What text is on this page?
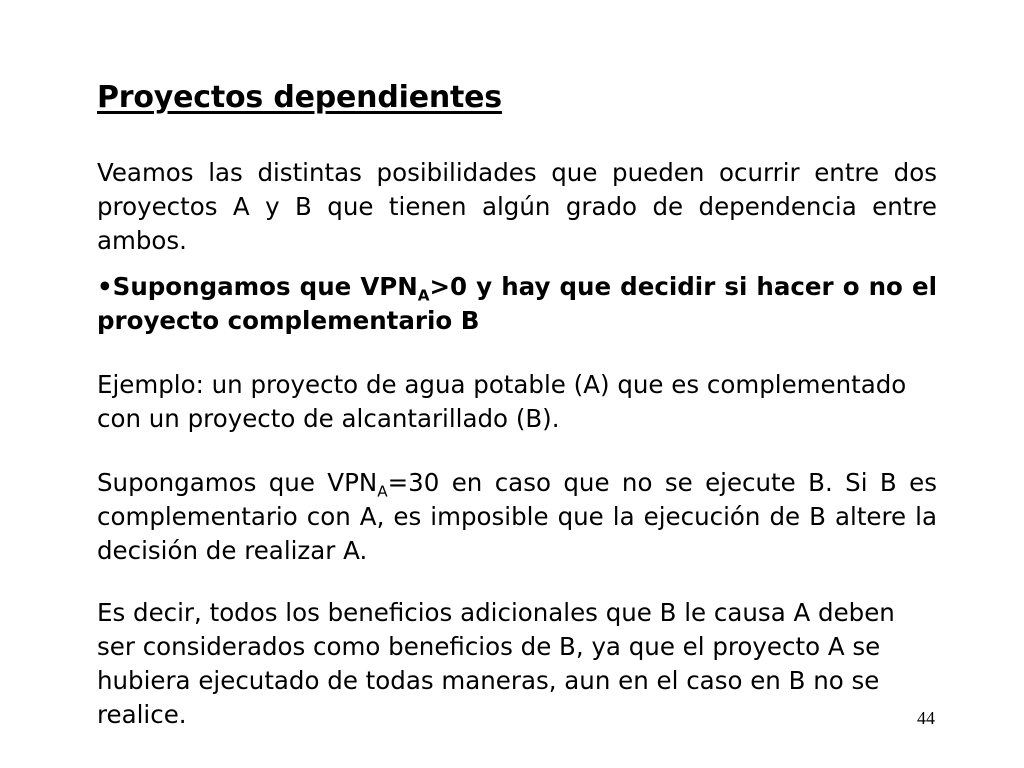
Proyectos dependientes

Veamos las distintas posibilidades que pueden ocurrir entre dos proyectos A y B que tienen algún grado de dependencia entre ambos.

•Supongamos que $VPN_A>0$ y hay que decidir si hacer o no el proyecto complementario B

Ejemplo: un proyecto de agua potable (A) que es complementado con un proyecto de alcantarillado (B).

Supongamos que $VPN_A=30$ en caso que no se ejecute B. Si B es complementario con A, es imposible que la ejecución de B altere la decisión de realizar A.

Es decir, todos los beneficios adicionales que B le causa A deben ser considerados como beneficios de B, ya que el proyecto A se hubiera ejecutado de todas maneras, aun en el caso en B no se realice.	44
